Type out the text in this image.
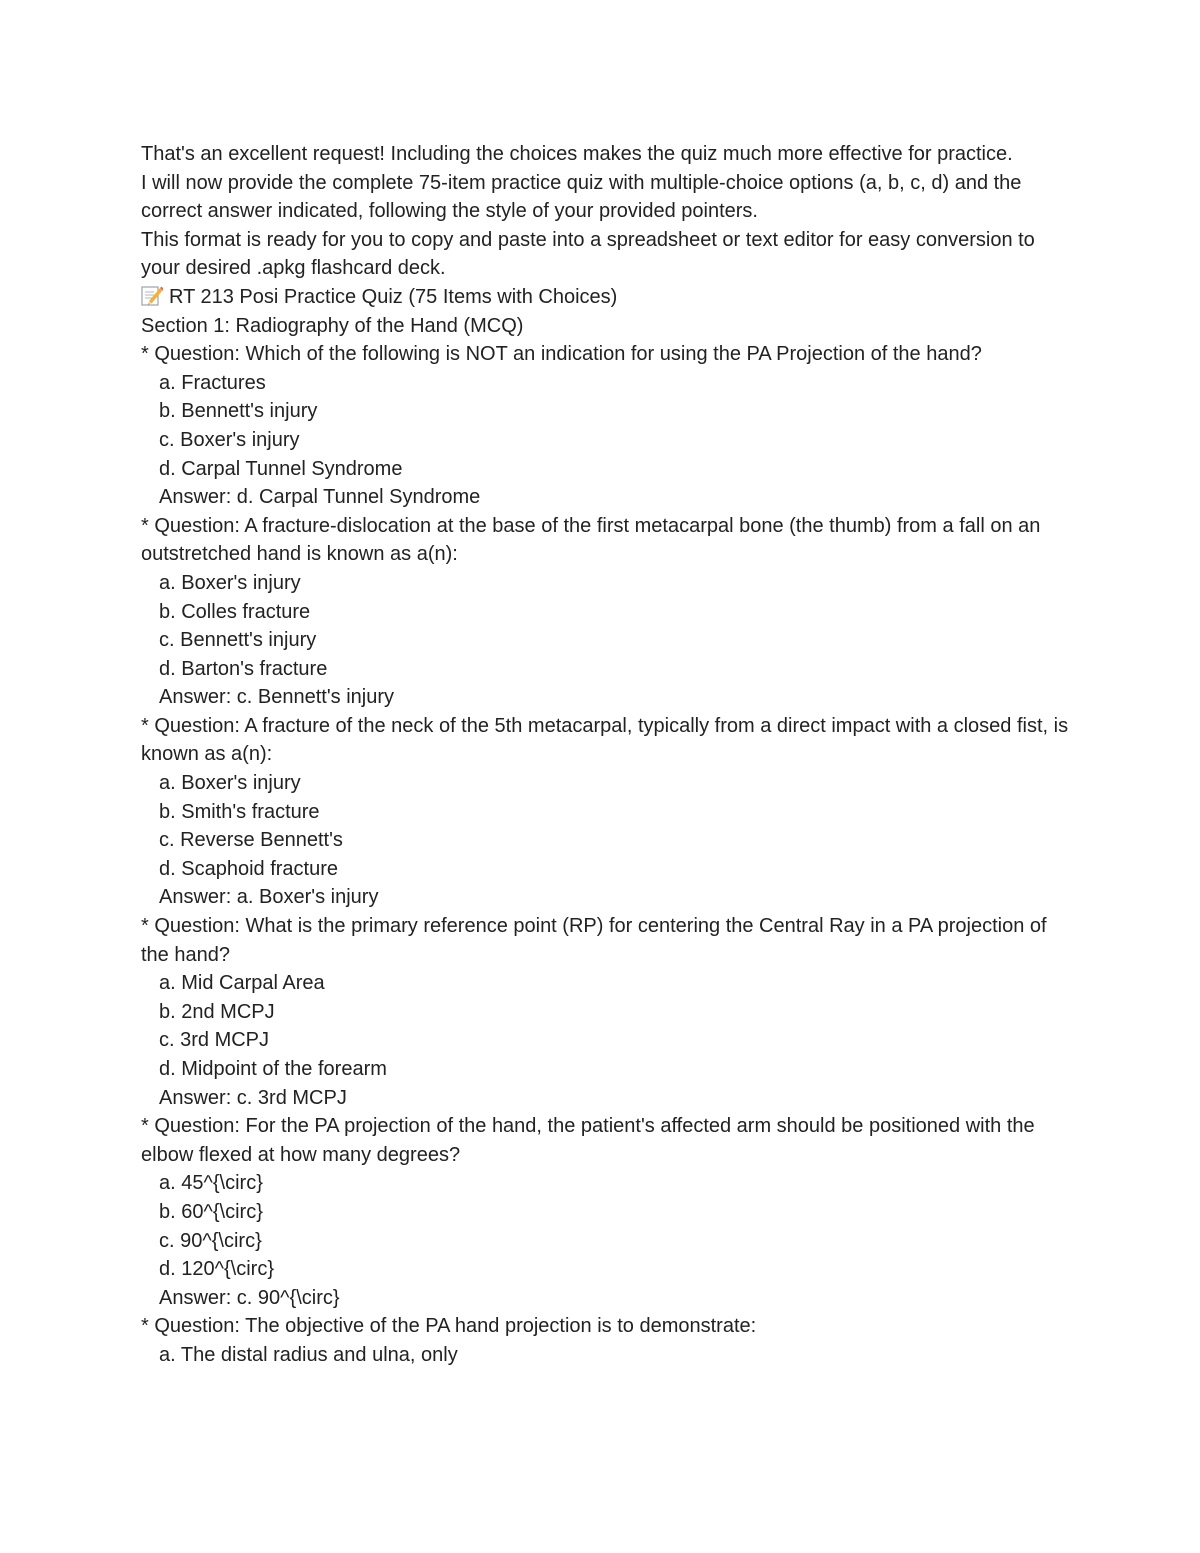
That's an excellent request! Including the choices makes the quiz much more effective for practice.

I will now provide the complete 75-item practice quiz with multiple-choice options (a, b, c, d) and the correct answer indicated, following the style of your provided pointers.

This format is ready for you to copy and paste into a spreadsheet or text editor for easy conversion to your desired .apkg flashcard deck.

RT 213 Posi Practice Quiz (75 Items with Choices)

Section 1: Radiography of the Hand (MCQ)

* Question: Which of the following is NOT an indication for using the PA Projection of the hand?

a. Fractures

b. Bennett's injury

c. Boxer's injury

d. Carpal Tunnel Syndrome

Answer: d. Carpal Tunnel Syndrome

* Question: A fracture-dislocation at the base of the first metacarpal bone (the thumb) from a fall on an outstretched hand is known as a(n):

a. Boxer's injury

b. Colles fracture

c. Bennett's injury

d. Barton's fracture

Answer: c. Bennett's injury

* Question: A fracture of the neck of the 5th metacarpal, typically from a direct impact with a closed fist, is known as a(n):

a. Boxer's injury

b. Smith's fracture

c. Reverse Bennett's

d. Scaphoid fracture

Answer: a. Boxer's injury

* Question: What is the primary reference point (RP) for centering the Central Ray in a PA projection of the hand?

a. Mid Carpal Area

b. 2nd MCPJ

c. 3rd MCPJ

d. Midpoint of the forearm

Answer: c. 3rd MCPJ

* Question: For the PA projection of the hand, the patient's affected arm should be positioned with the elbow flexed at how many degrees?

a. 45^{\circ}

b. 60^{\circ}

c. 90^{\circ}

d. 120^{\circ}

Answer: c. 90^{\circ}

* Question: The objective of the PA hand projection is to demonstrate:

a. The distal radius and ulna, only
